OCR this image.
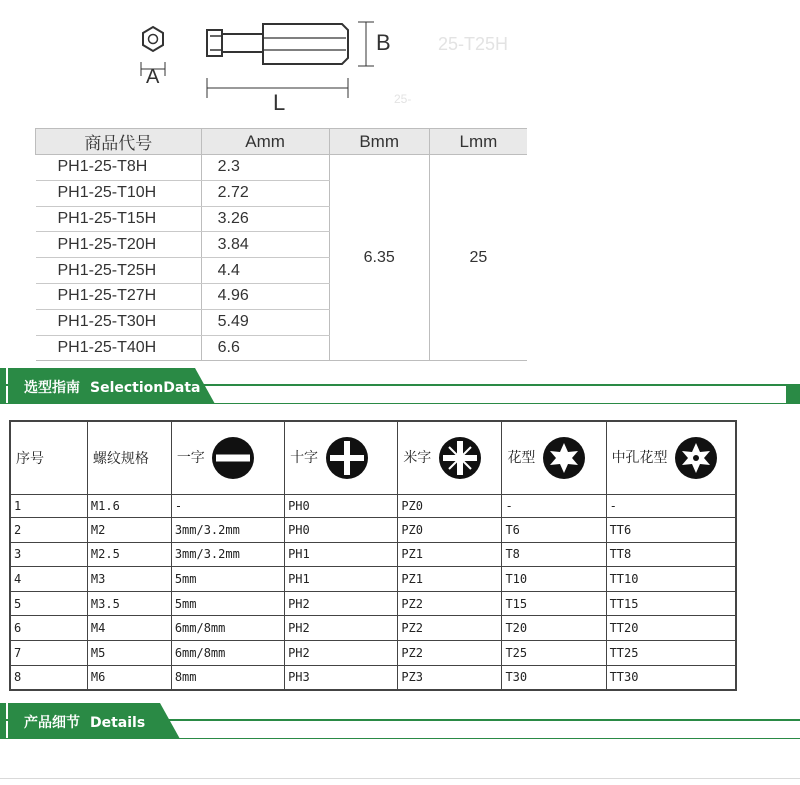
A
B
L
25-T25H
25-
商品代号	Amm	Bmm	Lmm
PH1-25-T8H	2.3	6.35	25
PH1-25-T10H	2.72		
PH1-25-T15H	3.26		
PH1-25-T20H	3.84		
PH1-25-T25H	4.4		
PH1-25-T27H	4.96		
PH1-25-T30H	5.49		
PH1-25-T40H	6.6		
选型指南 SelectionData
序号	螺纹规格	一字	十字	米字	花型	中孔花型
1	M1.6	-	PH0	PZ0	-	-
2	M2	3mm/3.2mm	PH0	PZ0	T6	TT6
3	M2.5	3mm/3.2mm	PH1	PZ1	T8	TT8
4	M3	5mm	PH1	PZ1	T10	TT10
5	M3.5	5mm	PH2	PZ2	T15	TT15
6	M4	6mm/8mm	PH2	PZ2	T20	TT20
7	M5	6mm/8mm	PH2	PZ2	T25	TT25
8	M6	8mm	PH3	PZ3	T30	TT30
产品细节 Details
